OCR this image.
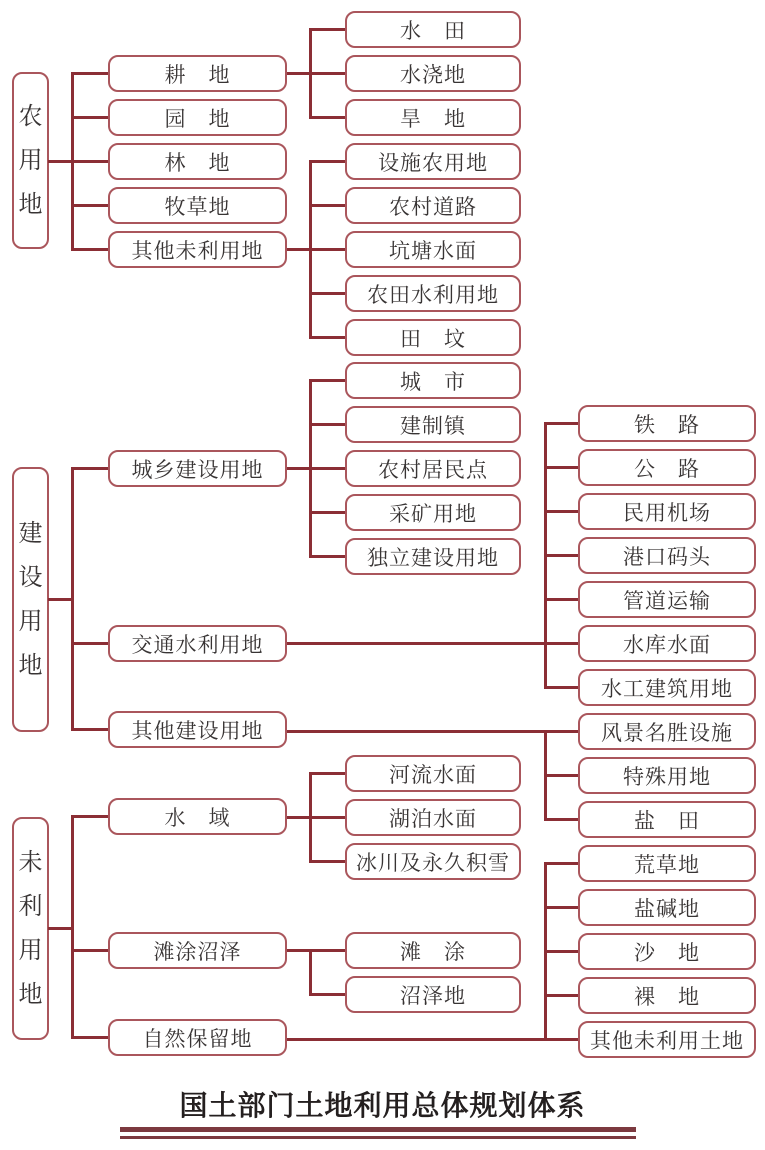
农用地
建设用地
未利用地
耕　地
园　地
林　地
牧草地
其他未利用地
城乡建设用地
交通水利用地
其他建设用地
水　域
滩涂沼泽
自然保留地
水　田
水浇地
旱　地
设施农用地
农村道路
坑塘水面
农田水利用地
田　坟
城　市
建制镇
农村居民点
采矿用地
独立建设用地
河流水面
湖泊水面
冰川及永久积雪
滩　涂
沼泽地
铁　路
公　路
民用机场
港口码头
管道运输
水库水面
水工建筑用地
风景名胜设施
特殊用地
盐　田
荒草地
盐碱地
沙　地
裸　地
其他未利用土地
国土部门土地利用总体规划体系
